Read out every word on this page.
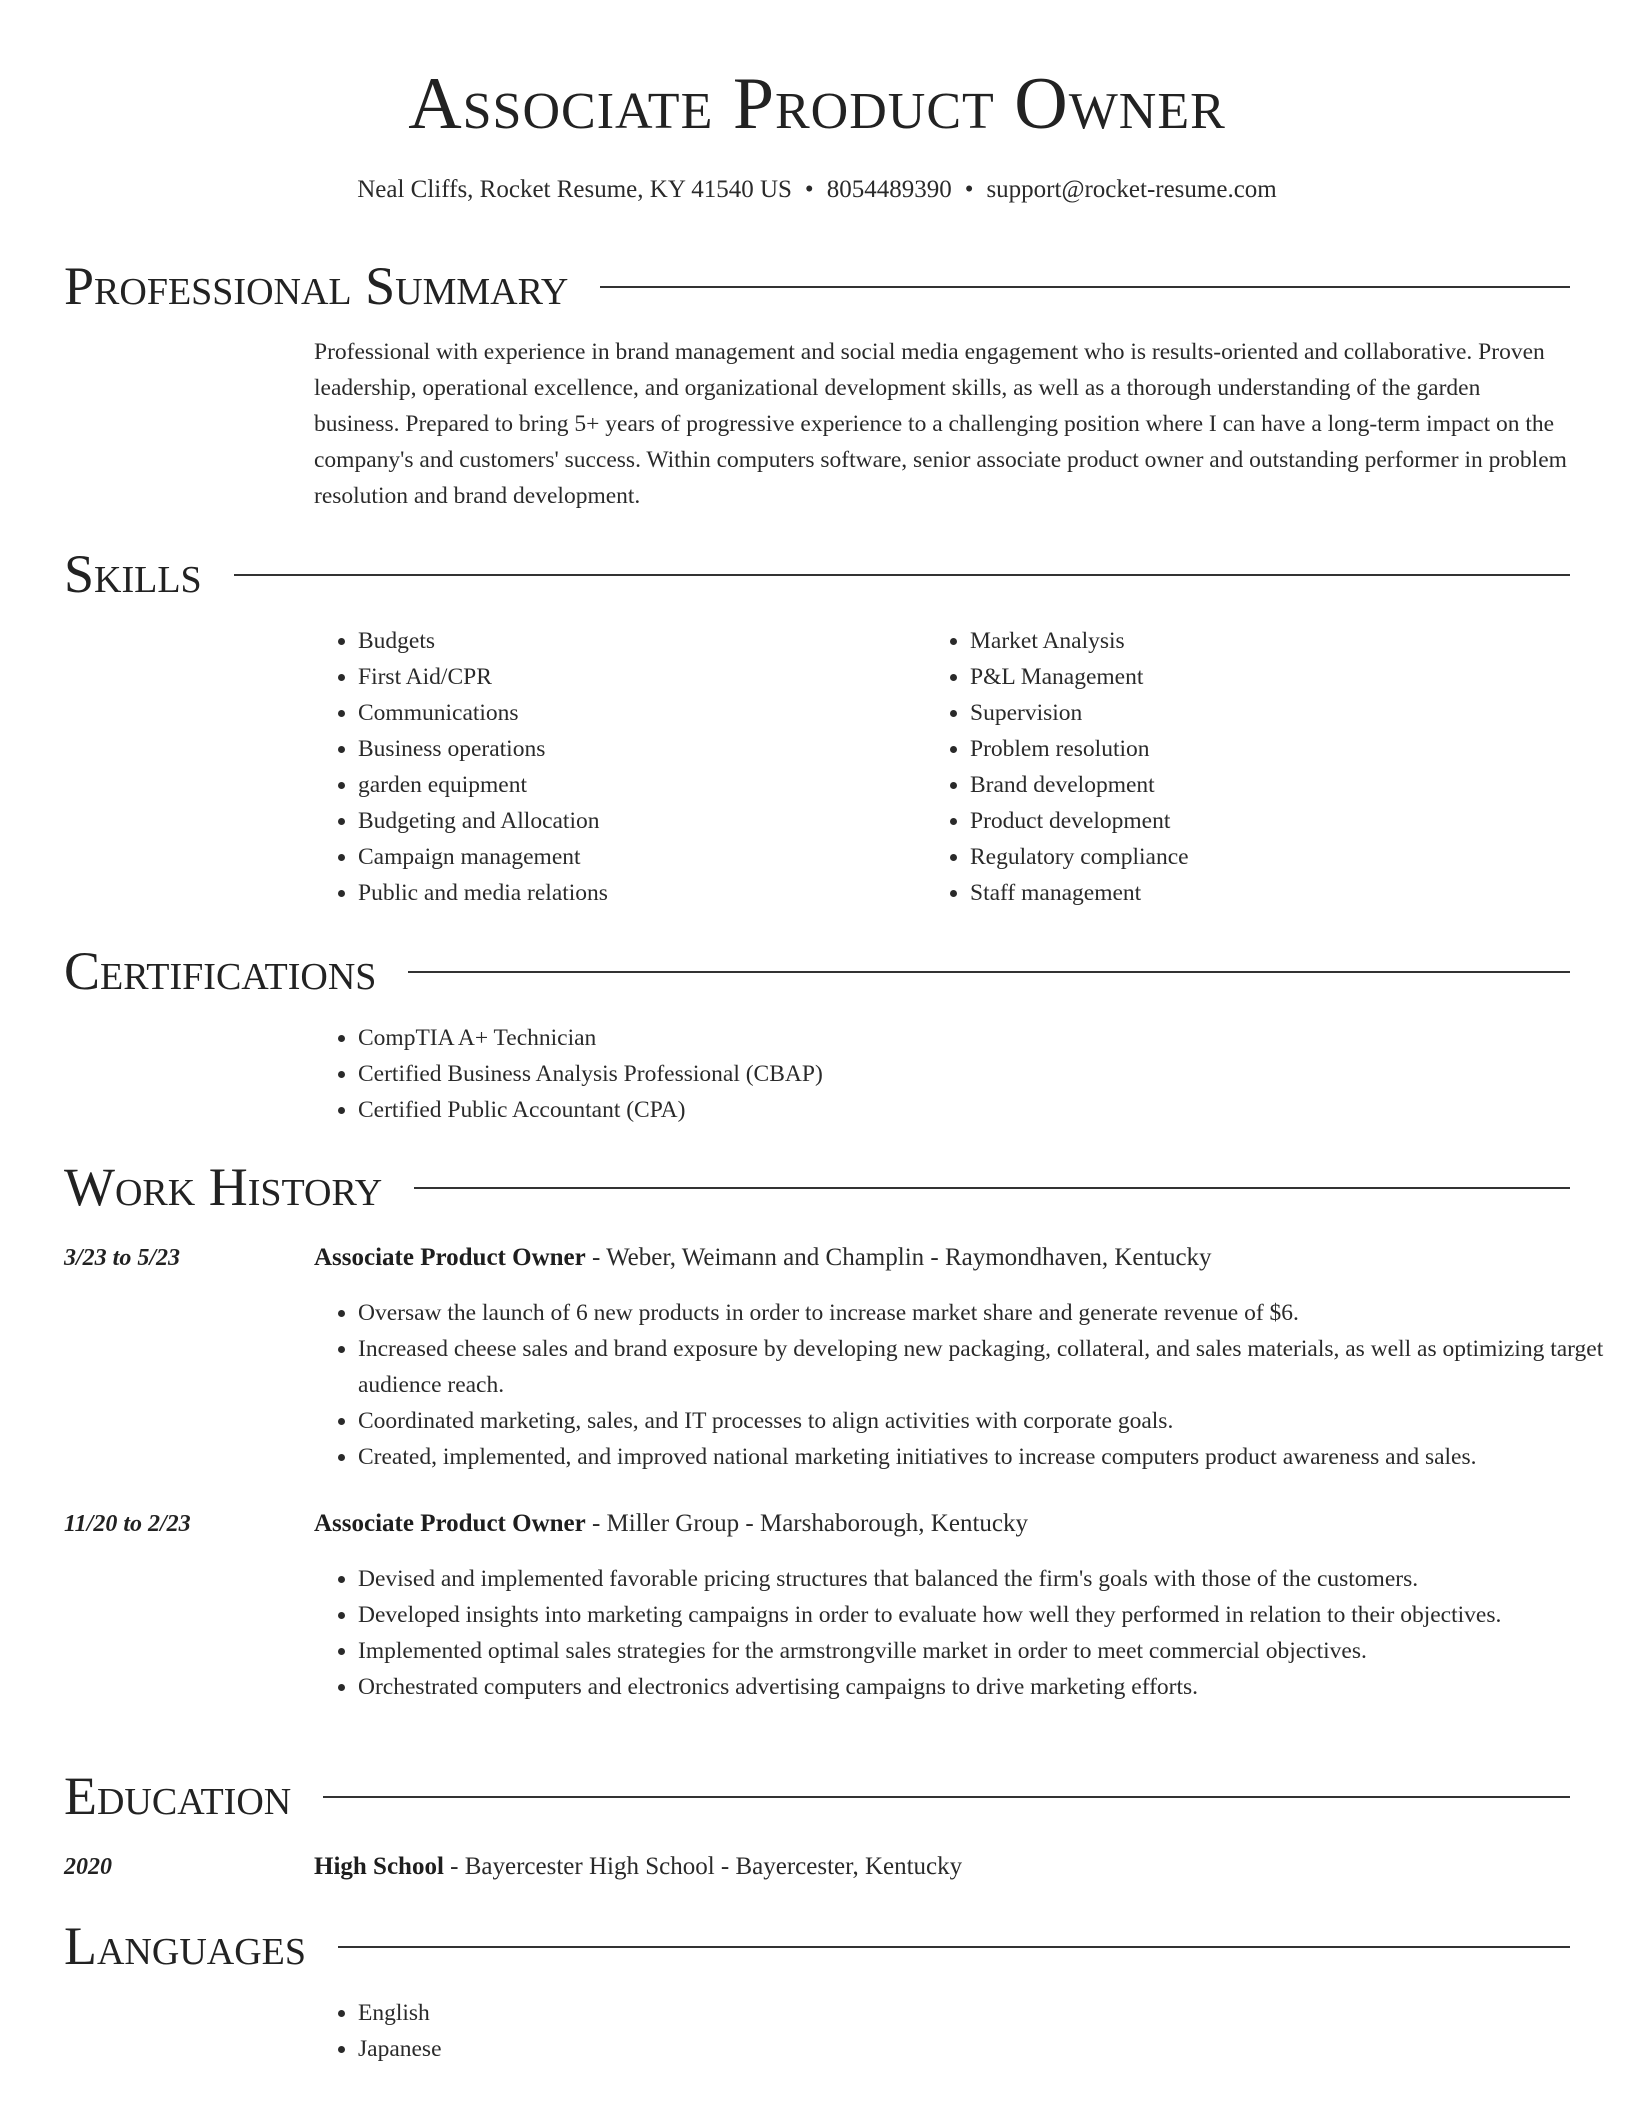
Associate Product Owner
Neal Cliffs, Rocket Resume, KY 41540 US • 8054489390 • support@rocket-resume.com
Professional Summary

Professional with experience in brand management and social media engagement who is results-oriented and collaborative. Proven leadership, operational excellence, and organizational development skills, as well as a thorough understanding of the garden business. Prepared to bring 5+ years of progressive experience to a challenging position where I can have a long-term impact on the company's and customers' success. Within computers software, senior associate product owner and outstanding performer in problem resolution and brand development.

Skills
• Budgets
• First Aid/CPR
• Communications
• Business operations
• garden equipment
• Budgeting and Allocation
• Campaign management
• Public and media relations
• Market Analysis
• P&L Management
• Supervision
• Problem resolution
• Brand development
• Product development
• Regulatory compliance
• Staff management
Certifications
• CompTIA A+ Technician
• Certified Business Analysis Professional (CBAP)
• Certified Public Accountant (CPA)
Work History
3/23 to 5/23	Associate Product Owner - Weber, Weimann and Champlin - Raymondhaven, Kentucky
• Oversaw the launch of 6 new products in order to increase market share and generate revenue of $6.
• Increased cheese sales and brand exposure by developing new packaging, collateral, and sales materials, as well as optimizing target audience reach.
• Coordinated marketing, sales, and IT processes to align activities with corporate goals.
• Created, implemented, and improved national marketing initiatives to increase computers product awareness and sales.
11/20 to 2/23	Associate Product Owner - Miller Group - Marshaborough, Kentucky
• Devised and implemented favorable pricing structures that balanced the firm's goals with those of the customers.
• Developed insights into marketing campaigns in order to evaluate how well they performed in relation to their objectives.
• Implemented optimal sales strategies for the armstrongville market in order to meet commercial objectives.
• Orchestrated computers and electronics advertising campaigns to drive marketing efforts.
Education
2020	High School - Bayercester High School - Bayercester, Kentucky
Languages
• English
• Japanese
